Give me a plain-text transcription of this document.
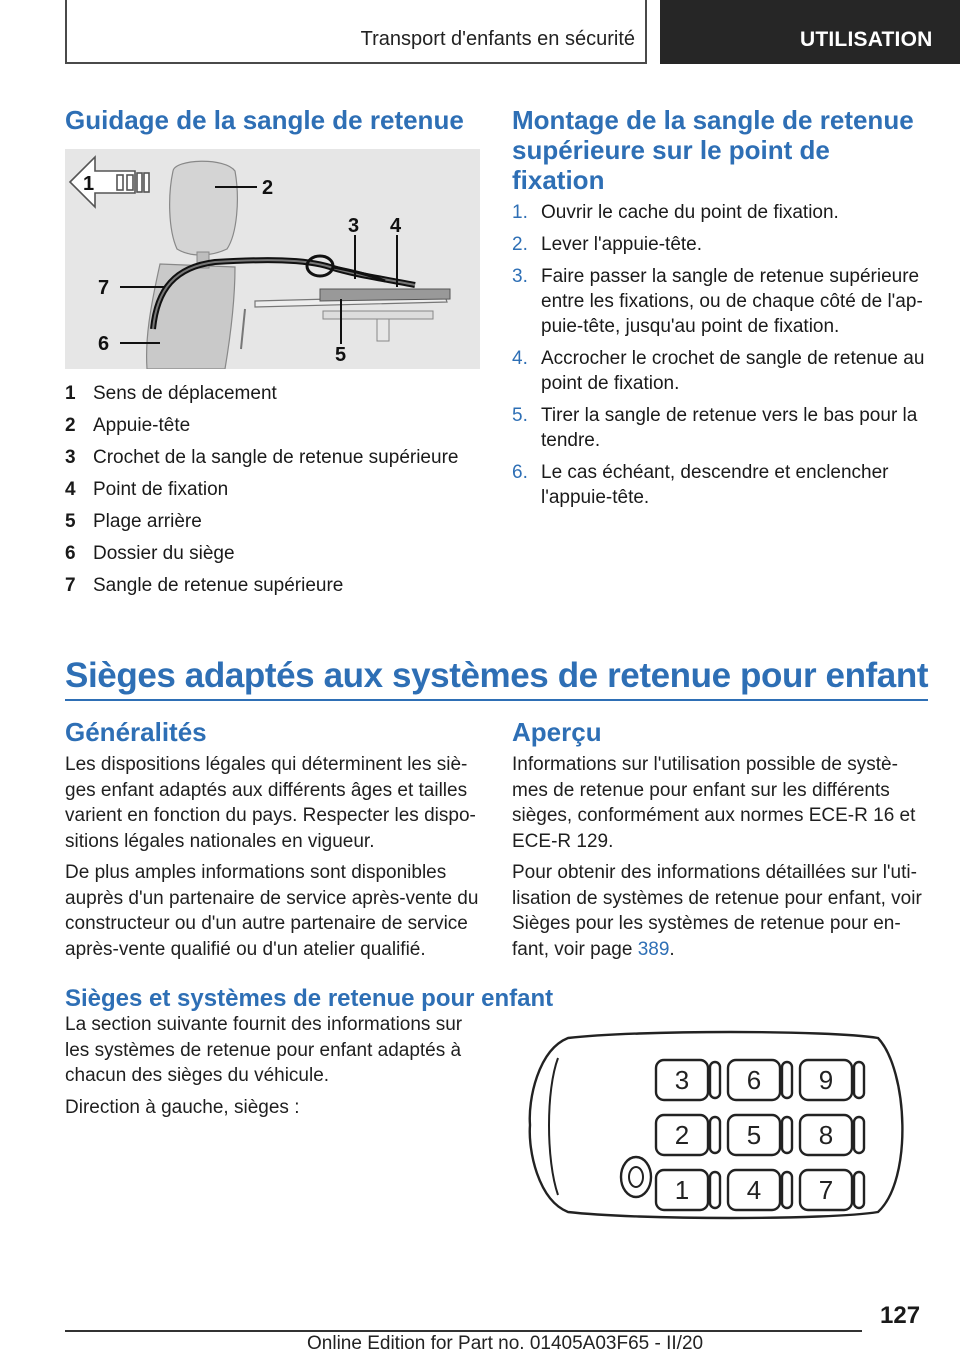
Transport d'enfants en sécurité	UTILISATION
Guidage de la sangle de retenue
1	2
3 4
5
6
7
1 Sens de déplacement
2 Appuie-tête
3 Crochet de la sangle de retenue supérieure
4 Point de fixation
5 Plage arrière
6 Dossier du siège
7 Sangle de retenue supérieure
Montage de la sangle de retenue
supérieure sur le point de
fixation
1. Ouvrir le cache du point de fixation.
2. Lever l'appuie-tête.
3. Faire passer la sangle de retenue supérieure entre les fixations, ou de chaque côté de l'appuie-tête, jusqu'au point de fixation.
4. Accrocher le crochet de sangle de retenue au point de fixation.
5. Tirer la sangle de retenue vers le bas pour la tendre.
6. Le cas échéant, descendre et enclencher l'appuie-tête.
Sièges adaptés aux systèmes de retenue pour enfant
Généralités

Les dispositions légales qui déterminent les siè‐
ges enfant adaptés aux différents âges et tailles
varient en fonction du pays. Respecter les dispo‐
sitions légales nationales en vigueur.

De plus amples informations sont disponibles
auprès d'un partenaire de service après-vente du
constructeur ou d'un autre partenaire de service
après-vente qualifié ou d'un atelier qualifié.

Aperçu

Informations sur l'utilisation possible de systè‐
mes de retenue pour enfant sur les différents
sièges, conformément aux normes ECE-R 16 et
ECE-R 129.

Pour obtenir des informations détaillées sur l'uti‐
lisation de systèmes de retenue pour enfant, voir
Sièges pour les systèmes de retenue pour en‐
fant, voir page 389.

Sièges et systèmes de retenue pour enfant

La section suivante fournit des informations sur
les systèmes de retenue pour enfant adaptés à
chacun des sièges du véhicule.

Direction à gauche, sièges :

3 6 9
2 5 8
1 4 7
127
Online Edition for Part no. 01405A03F65 - II/20
